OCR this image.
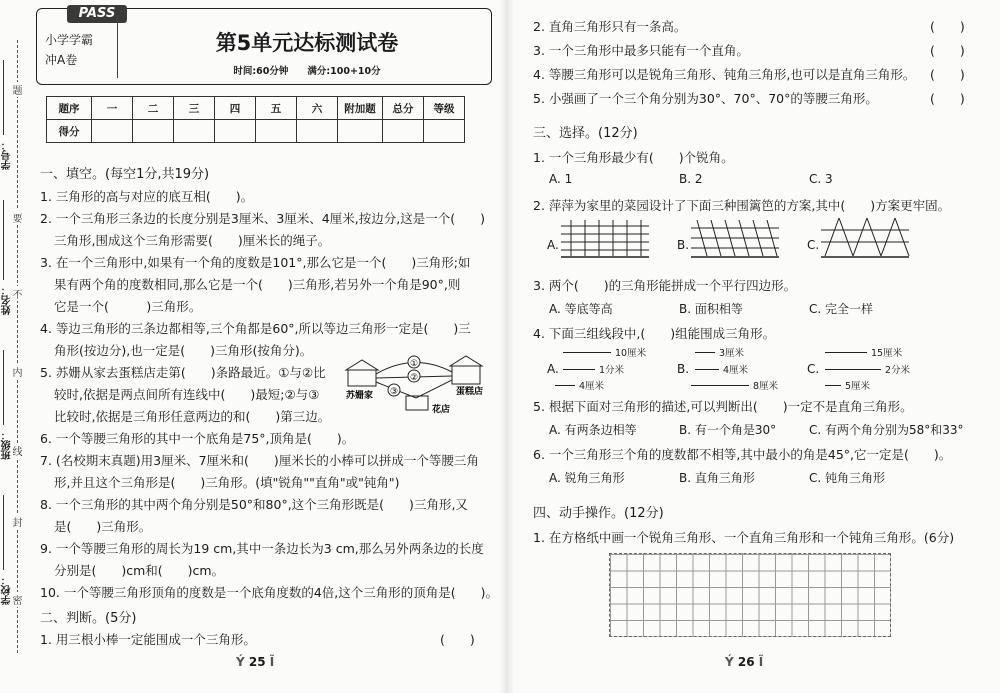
题
要
不
内
线
封
密
学号：
姓名：
班级：
学校：
PASS
小学学霸
冲A卷
第5单元达标测试卷
时间:60分钟　　满分:100+10分
题序	一	二	三	四	五	六	附加题	总分	等级
得分									
一、填空。(每空1分,共19分)
1. 三角形的高与对应的底互相(　　)。
2. 一个三角形三条边的长度分别是3厘米、3厘米、4厘米,按边分,这是一个(　　)
三角形,围成这个三角形需要(　　)厘米长的绳子。
3. 在一个三角形中,如果有一个角的度数是101°,那么它是一个(　　)三角形;如
果有两个角的度数相同,那么它是一个(　　)三角形,若另外一个角是90°,则
它是一个(　　　)三角形。
4. 等边三角形的三条边都相等,三个角都是60°,所以等边三角形一定是(　　)三
角形(按边分),也一定是(　　)三角形(按角分)。
5. 苏姗从家去蛋糕店走第(　　)条路最近。①与②比
较时,依据是两点间所有连线中(　　)最短;②与③
比较时,依据是三角形任意两边的和(　　)第三边。
6. 一个等腰三角形的其中一个底角是75°,顶角是(　　)。
7. (名校期末真题)用3厘米、7厘米和(　　)厘米长的小棒可以拼成一个等腰三角
形,并且这个三角形是(　　)三角形。(填"锐角""直角"或"钝角")
8. 一个三角形的其中两个角分别是50°和80°,这个三角形既是(　　)三角形,又
是(　　)三角形。
9. 一个等腰三角形的周长为19 cm,其中一条边长为3 cm,那么另外两条边的长度
分别是(　　)cm和(　　)cm。
10. 一个等腰三角形顶角的度数是一个底角度数的4倍,这个三角形的顶角是(　　)。
①
②
③
苏姗家	蛋糕店
花店
二、判断。(5分)
1. 用三根小棒一定能围成一个三角形。	(　　)
Ý 25 Ĩ
2. 直角三角形只有一条高。	(　　)
3. 一个三角形中最多只能有一个直角。	(　　)
4. 等腰三角形可以是锐角三角形、钝角三角形,也可以是直角三角形。 (　　)
5. 小强画了一个三个角分别为30°、70°、70°的等腰三角形。	(　　)
三、选择。(12分)
1. 一个三角形最少有(　　)个锐角。
A. 1	B. 2	C. 3
2. 萍萍为家里的菜园设计了下面三种围篱笆的方案,其中(　　)方案更牢固。
A.	B.	C.
3. 两个(　　)的三角形能拼成一个平行四边形。
A. 等底等高	B. 面积相等	C. 完全一样
4. 下面三组线段中,(　　)组能围成三角形。
A.
10厘米
1分米
4厘米
B.
3厘米
4厘米
8厘米
C.
15厘米
2分米
5厘米
5. 根据下面对三角形的描述,可以判断出(　　)一定不是直角三角形。
A. 有两条边相等	B. 有一个角是30°	C. 有两个角分别为58°和33°
6. 一个三角形三个角的度数都不相等,其中最小的角是45°,它一定是(　　)。
A. 锐角三角形	B. 直角三角形	C. 钝角三角形
四、动手操作。(12分)
1. 在方格纸中画一个锐角三角形、一个直角三角形和一个钝角三角形。(6分)
Ý 26 Ĩ
